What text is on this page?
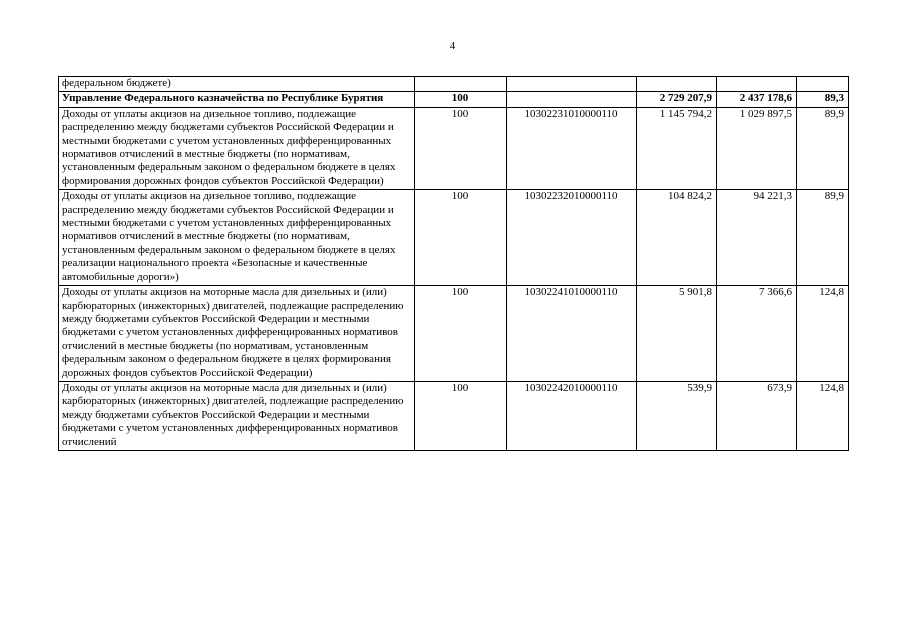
4
федеральном бюджете)					
Управление Федерального казначейства по Республике Бурятия	100		2 729 207,9	2 437 178,6	89,3
Доходы от уплаты акцизов на дизельное топливо, подлежащие распределению между бюджетами субъектов Российской Федерации и местными бюджетами с учетом установленных дифференцированных нормативов отчислений в местные бюджеты (по нормативам, установленным федеральным законом о федеральном бюджете в целях формирования дорожных фондов субъектов Российской Федерации)	100	10302231010000110	1 145 794,2	1 029 897,5	89,9
Доходы от уплаты акцизов на дизельное топливо, подлежащие распределению между бюджетами субъектов Российской Федерации и местными бюджетами с учетом установленных дифференцированных нормативов отчислений в местные бюджеты (по нормативам, установленным федеральным законом о федеральном бюджете в целях реализации национального проекта «Безопасные и качественные автомобильные дороги»)	100	10302232010000110	104 824,2	94 221,3	89,9
Доходы от уплаты акцизов на моторные масла для дизельных и (или) карбюраторных (инжекторных) двигателей, подлежащие распределению между бюджетами субъектов Российской Федерации и местными бюджетами с учетом установленных дифференцированных нормативов отчислений в местные бюджеты (по нормативам, установленным федеральным законом о федеральном бюджете в целях формирования дорожных фондов субъектов Российской Федерации)	100	10302241010000110	5 901,8	7 366,6	124,8
Доходы от уплаты акцизов на моторные масла для дизельных и (или) карбюраторных (инжекторных) двигателей, подлежащие распределению между бюджетами субъектов Российской Федерации и местными бюджетами с учетом установленных дифференцированных нормативов отчислений	100	10302242010000110	539,9	673,9	124,8
